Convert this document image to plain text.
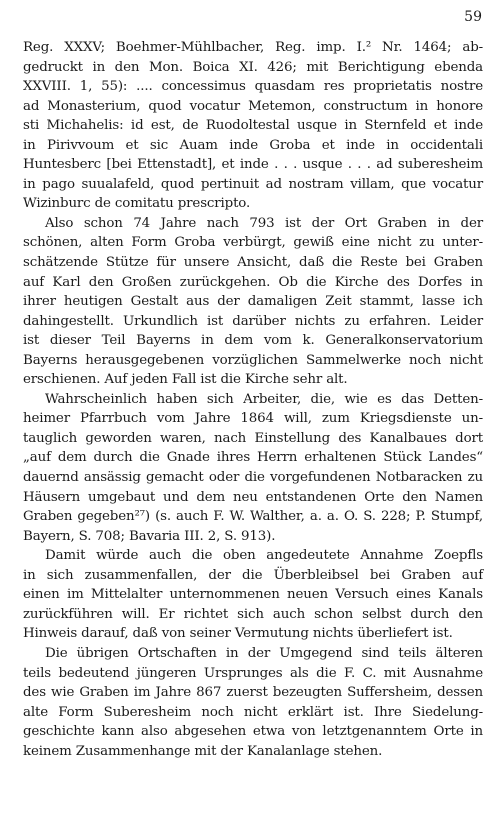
59
Reg. XXXV; Boehmer-Mühlbacher, Reg. imp. I.² Nr. 1464; ab-
gedruckt in den Mon. Boica XI. 426; mit Berichtigung ebenda
XXVIII. 1, 55): .... concessimus quasdam res proprietatis nostre
ad Monasterium, quod vocatur Metemon, constructum in honore
sti Michahelis: id est, de Ruodoltestal usque in Sternfeld et inde
in Pirivvoum et sic Auam inde Groba et inde in occidentali
Huntesberc [bei Ettenstadt], et inde . . . usque . . . ad suberesheim
in pago suualafeld, quod pertinuit ad nostram villam, que vocatur
Wizinburc de comitatu prescripto.
Also schon 74 Jahre nach 793 ist der Ort Graben in der
schönen, alten Form Groba verbürgt, gewiß eine nicht zu unter-
schätzende Stütze für unsere Ansicht, daß die Reste bei Graben
auf Karl den Großen zurückgehen. Ob die Kirche des Dorfes in
ihrer heutigen Gestalt aus der damaligen Zeit stammt, lasse ich
dahingestellt. Urkundlich ist darüber nichts zu erfahren. Leider
ist dieser Teil Bayerns in dem vom k. Generalkonservatorium
Bayerns herausgegebenen vorzüglichen Sammelwerke noch nicht
erschienen. Auf jeden Fall ist die Kirche sehr alt.
Wahrscheinlich haben sich Arbeiter, die, wie es das Detten-
heimer Pfarrbuch vom Jahre 1864 will, zum Kriegsdienste un-
tauglich geworden waren, nach Einstellung des Kanalbaues dort
„auf dem durch die Gnade ihres Herrn erhaltenen Stück Landes“
dauernd ansässig gemacht oder die vorgefundenen Notbaracken zu
Häusern umgebaut und dem neu entstandenen Orte den Namen
Graben gegeben²⁷) (s. auch F. W. Walther, a. a. O. S. 228; P. Stumpf,
Bayern, S. 708; Bavaria III. 2, S. 913).
Damit würde auch die oben angedeutete Annahme Zoepfls
in sich zusammenfallen, der die Überbleibsel bei Graben auf
einen im Mittelalter unternommenen neuen Versuch eines Kanals
zurückführen will. Er richtet sich auch schon selbst durch den
Hinweis darauf, daß von seiner Vermutung nichts überliefert ist.
Die übrigen Ortschaften in der Umgegend sind teils älteren
teils bedeutend jüngeren Ursprunges als die F. C. mit Ausnahme
des wie Graben im Jahre 867 zuerst bezeugten Suffersheim, dessen
alte Form Suberesheim noch nicht erklärt ist. Ihre Siedelung-
geschichte kann also abgesehen etwa von letztgenanntem Orte in
keinem Zusammenhange mit der Kanalanlage stehen.
